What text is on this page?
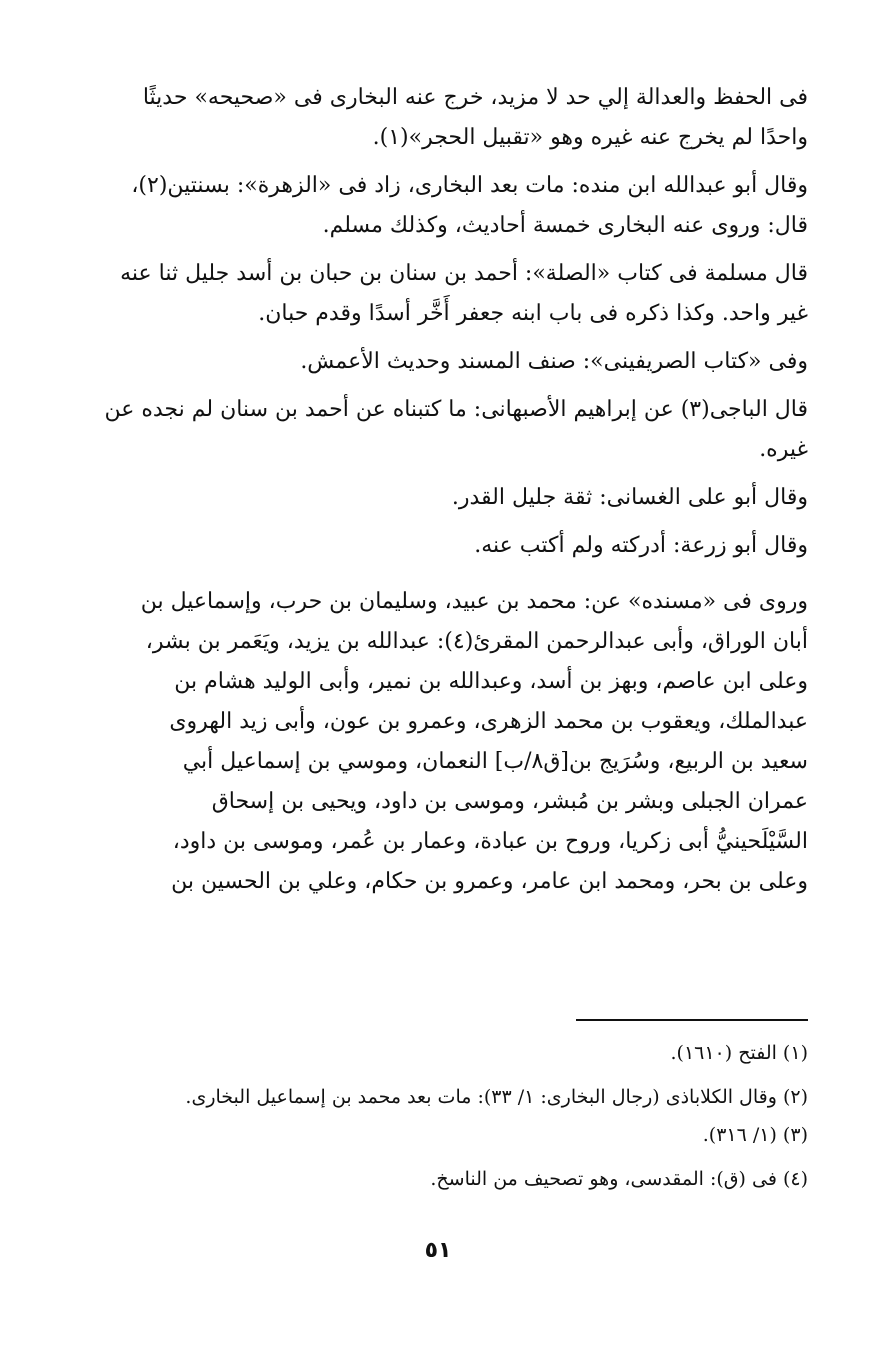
فى الحفظ والعدالة إلي حد لا مزيد، خرج عنه البخارى فى «صحيحه» حديثًا
واحدًا لم يخرج عنه غيره وهو «تقبيل الحجر»(١).

وقال أبو عبدالله ابن منده: مات بعد البخارى، زاد فى «الزهرة»: بسنتين(٢)،
قال: وروى عنه البخارى خمسة أحاديث، وكذلك مسلم.

قال مسلمة فى كتاب «الصلة»: أحمد بن سنان بن حبان بن أسد جليل ثنا عنه
غير واحد. وكذا ذكره فى باب ابنه جعفر أَخَّر أسدًا وقدم حبان.

وفى «كتاب الصريفينى»: صنف المسند وحديث الأعمش.

قال الباجى(٣) عن إبراهيم الأصبهانى: ما كتبناه عن أحمد بن سنان لم نجده عن
غيره.

وقال أبو على الغسانى: ثقة جليل القدر.

وقال أبو زرعة: أدركته ولم أكتب عنه.

وروى فى «مسنده» عن: محمد بن عبيد، وسليمان بن حرب، وإسماعيل بن
أبان الوراق، وأبى عبدالرحمن المقرئ(٤): عبدالله بن يزيد، ويَعَمر بن بشر،
وعلى ابن عاصم، وبهز بن أسد، وعبدالله بن نمير، وأبى الوليد هشام بن
عبدالملك، ويعقوب بن محمد الزهرى، وعمرو بن عون، وأبى زيد الهروى
سعيد بن الربيع، وسُرَيج بن[ق٨/ب] النعمان، وموسي بن إسماعيل أبي
عمران الجبلى وبشر بن مُبشر، وموسى بن داود، ويحيى بن إسحاق
السَّيْلَحينيُّ أبى زكريا، وروح بن عبادة، وعمار بن عُمر، وموسى بن داود،
وعلى بن بحر، ومحمد ابن عامر، وعمرو بن حكام، وعلي بن الحسين بن

(١) الفتح (١٦١٠).
(٢) وقال الكلاباذى (رجال البخارى: ١/ ٣٣): مات بعد محمد بن إسماعيل البخارى.
(٣) (١/ ٣١٦).
(٤) فى (ق): المقدسى، وهو تصحيف من الناسخ.
٥١
